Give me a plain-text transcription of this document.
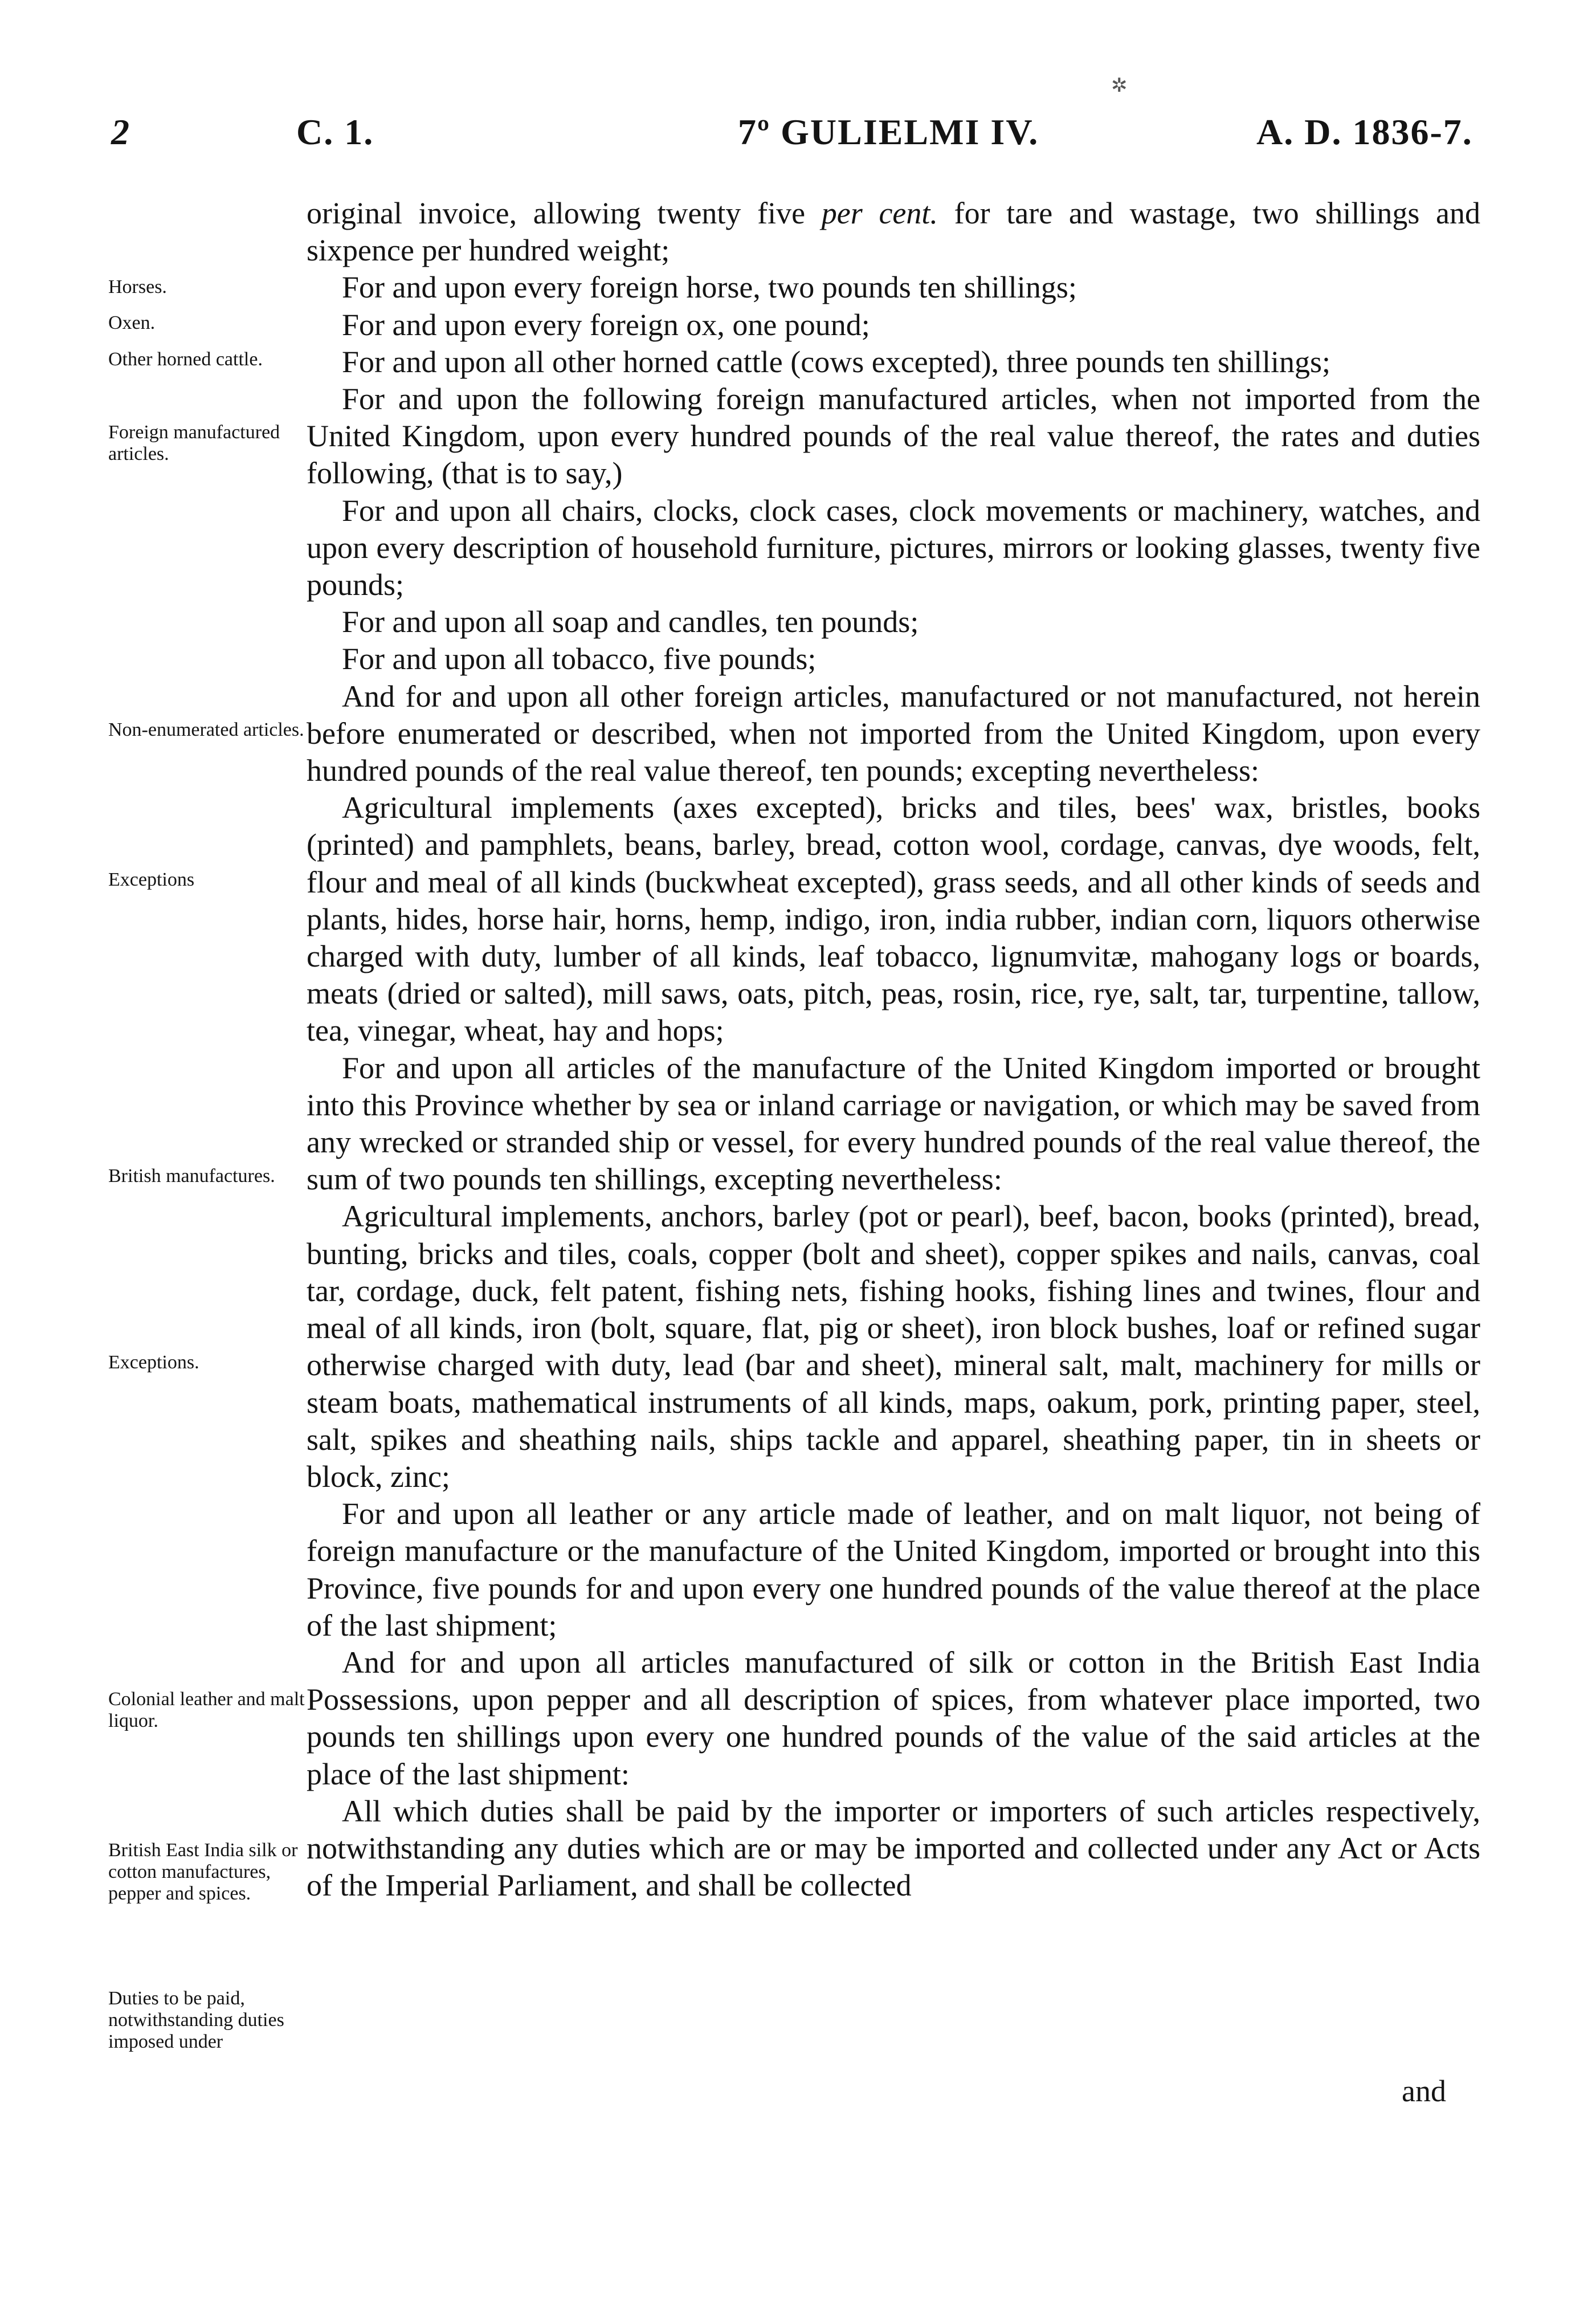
2	C. 1.	7º GULIELMI IV.	A. D. 1836-7.
✲
Horses.
Oxen.
Other horned cattle.
Foreign manufactured articles.
Non-enumerated articles.
Exceptions
British manufactures.
Exceptions.
Colonial leather and malt liquor.
British East India silk or cotton manufactures, pepper and spices.
Duties to be paid, notwithstanding duties imposed under

original invoice, allowing twenty five per cent. for tare and wastage, two shillings and sixpence per hundred weight;

For and upon every foreign horse, two pounds ten shillings;

For and upon every foreign ox, one pound;

For and upon all other horned cattle (cows excepted), three pounds ten shillings;

For and upon the following foreign manufactured articles, when not imported from the United Kingdom, upon every hundred pounds of the real value thereof, the rates and duties following, (that is to say,)

For and upon all chairs, clocks, clock cases, clock movements or machinery, watches, and upon every description of household furniture, pictures, mirrors or looking glasses, twenty five pounds;

For and upon all soap and candles, ten pounds;

For and upon all tobacco, five pounds;

And for and upon all other foreign articles, manufactured or not manufactured, not herein before enumerated or described, when not imported from the United Kingdom, upon every hundred pounds of the real value thereof, ten pounds; excepting nevertheless:

Agricultural implements (axes excepted), bricks and tiles, bees' wax, bristles, books (printed) and pamphlets, beans, barley, bread, cotton wool, cordage, canvas, dye woods, felt, flour and meal of all kinds (buckwheat excepted), grass seeds, and all other kinds of seeds and plants, hides, horse hair, horns, hemp, indigo, iron, india rubber, indian corn, liquors otherwise charged with duty, lumber of all kinds, leaf tobacco, lignumvitæ, mahogany logs or boards, meats (dried or salted), mill saws, oats, pitch, peas, rosin, rice, rye, salt, tar, turpentine, tallow, tea, vinegar, wheat, hay and hops;

For and upon all articles of the manufacture of the United Kingdom imported or brought into this Province whether by sea or inland carriage or navigation, or which may be saved from any wrecked or stranded ship or vessel, for every hundred pounds of the real value thereof, the sum of two pounds ten shillings, excepting nevertheless:

Agricultural implements, anchors, barley (pot or pearl), beef, bacon, books (printed), bread, bunting, bricks and tiles, coals, copper (bolt and sheet), copper spikes and nails, canvas, coal tar, cordage, duck, felt patent, fishing nets, fishing hooks, fishing lines and twines, flour and meal of all kinds, iron (bolt, square, flat, pig or sheet), iron block bushes, loaf or refined sugar otherwise charged with duty, lead (bar and sheet), mineral salt, malt, machinery for mills or steam boats, mathematical instruments of all kinds, maps, oakum, pork, printing paper, steel, salt, spikes and sheathing nails, ships tackle and apparel, sheathing paper, tin in sheets or block, zinc;

For and upon all leather or any article made of leather, and on malt liquor, not being of foreign manufacture or the manufacture of the United Kingdom, imported or brought into this Province, five pounds for and upon every one hundred pounds of the value thereof at the place of the last shipment;

And for and upon all articles manufactured of silk or cotton in the British East India Possessions, upon pepper and all description of spices, from whatever place imported, two pounds ten shillings upon every one hundred pounds of the value of the said articles at the place of the last shipment:

All which duties shall be paid by the importer or importers of such articles respectively, notwithstanding any duties which are or may be imported and collected under any Act or Acts of the Imperial Parliament, and shall be collected

and
